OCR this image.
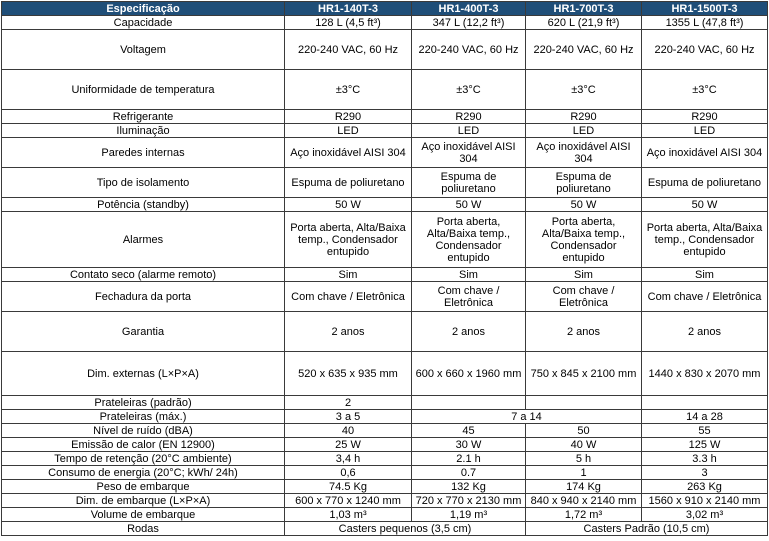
Especificação	HR1-140T-3	HR1-400T-3	HR1-700T-3	HR1-1500T-3
Capacidade	128 L (4,5 ft³)	347 L (12,2 ft³)	620 L (21,9 ft³)	1355 L (47,8 ft³)
Voltagem	220-240 VAC, 60 Hz	220-240 VAC, 60 Hz	220-240 VAC, 60 Hz	220-240 VAC, 60 Hz
Uniformidade de temperatura	±3°C	±3°C	±3°C	±3°C
Refrigerante	R290	R290	R290	R290
Iluminação	LED	LED	LED	LED
Paredes internas	Aço inoxidável AISI 304	Aço inoxidável AISI 304	Aço inoxidável AISI 304	Aço inoxidável AISI 304
Tipo de isolamento	Espuma de poliuretano	Espuma de poliuretano	Espuma de poliuretano	Espuma de poliuretano
Potência (standby)	50 W	50 W	50 W	50 W
Alarmes	Porta aberta, Alta/Baixa temp., Condensador entupido	Porta aberta, Alta/Baixa temp., Condensador entupido	Porta aberta, Alta/Baixa temp., Condensador entupido	Porta aberta, Alta/Baixa temp., Condensador entupido
Contato seco (alarme remoto)	Sim	Sim	Sim	Sim
Fechadura da porta	Com chave / Eletrônica	Com chave / Eletrônica	Com chave / Eletrônica	Com chave / Eletrônica
Garantia	2 anos	2 anos	2 anos	2 anos
Dim. externas (L×P×A)	520 x 635 x 935 mm	600 x 660 x 1960 mm	750 x 845 x 2100 mm	1440 x 830 x 2070 mm
Prateleiras (padrão)	2			
Prateleiras (máx.)	3 a 5	7 a 14		14 a 28
Nível de ruído (dBA)	40	45	50	55
Emissão de calor (EN 12900)	25 W	30 W	40 W	125 W
Tempo de retenção (20°C ambiente)	3,4 h	2.1 h	5 h	3.3 h
Consumo de energia (20°C; kWh/ 24h)	0,6	0.7	1	3
Peso de embarque	74.5 Kg	132 Kg	174 Kg	263 Kg
Dim. de embarque (L×P×A)	600 x 770 x 1240 mm	720 x 770 x 2130 mm	840 x 940 x 2140 mm	1560 x 910 x 2140 mm
Volume de embarque	1,03 m³	1,19 m³	1,72 m³	3,02 m³
Rodas	Casters pequenos (3,5 cm)		Casters Padrão (10,5 cm)	
